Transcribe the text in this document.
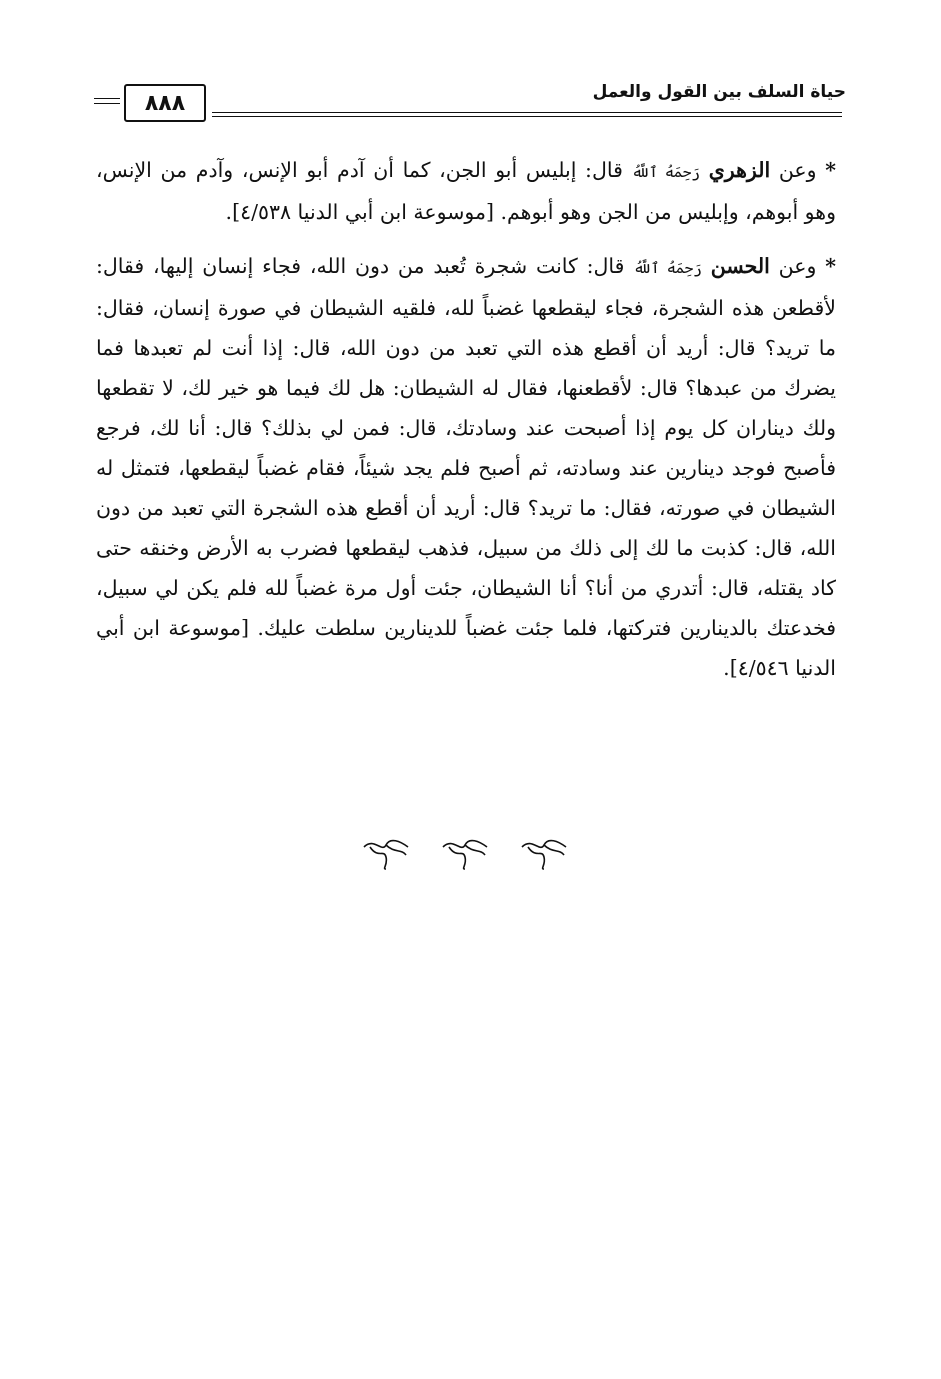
٨٨٨	حياة السلف بين القول والعمل

* وعن الزهري رَحِمَهُ ٱللَّهُ قال: إبليس أبو الجن، كما أن آدم أبو الإنس، وآدم من الإنس، وهو أبوهم، وإبليس من الجن وهو أبوهم. [موسوعة ابن أبي الدنيا ٤/٥٣٨].

* وعن الحسن رَحِمَهُ ٱللَّهُ قال: كانت شجرة تُعبد من دون الله، فجاء إنسان إليها، فقال: لأقطعن هذه الشجرة، فجاء ليقطعها غضباً لله، فلقيه الشيطان في صورة إنسان، فقال: ما تريد؟ قال: أريد أن أقطع هذه التي تعبد من دون الله، قال: إذا أنت لم تعبدها فما يضرك من عبدها؟ قال: لأقطعنها، فقال له الشيطان: هل لك فيما هو خير لك، لا تقطعها ولك ديناران كل يوم إذا أصبحت عند وسادتك، قال: فمن لي بذلك؟ قال: أنا لك، فرجع فأصبح فوجد دينارين عند وسادته، ثم أصبح فلم يجد شيئاً، فقام غضباً ليقطعها، فتمثل له الشيطان في صورته، فقال: ما تريد؟ قال: أريد أن أقطع هذه الشجرة التي تعبد من دون الله، قال: كذبت ما لك إلى ذلك من سبيل، فذهب ليقطعها فضرب به الأرض وخنقه حتى كاد يقتله، قال: أتدري من أنا؟ أنا الشيطان، جئت أول مرة غضباً لله فلم يكن لي سبيل، فخدعتك بالدينارين فتركتها، فلما جئت غضباً للدينارين سلطت عليك. [موسوعة ابن أبي الدنيا ٤/٥٤٦].
